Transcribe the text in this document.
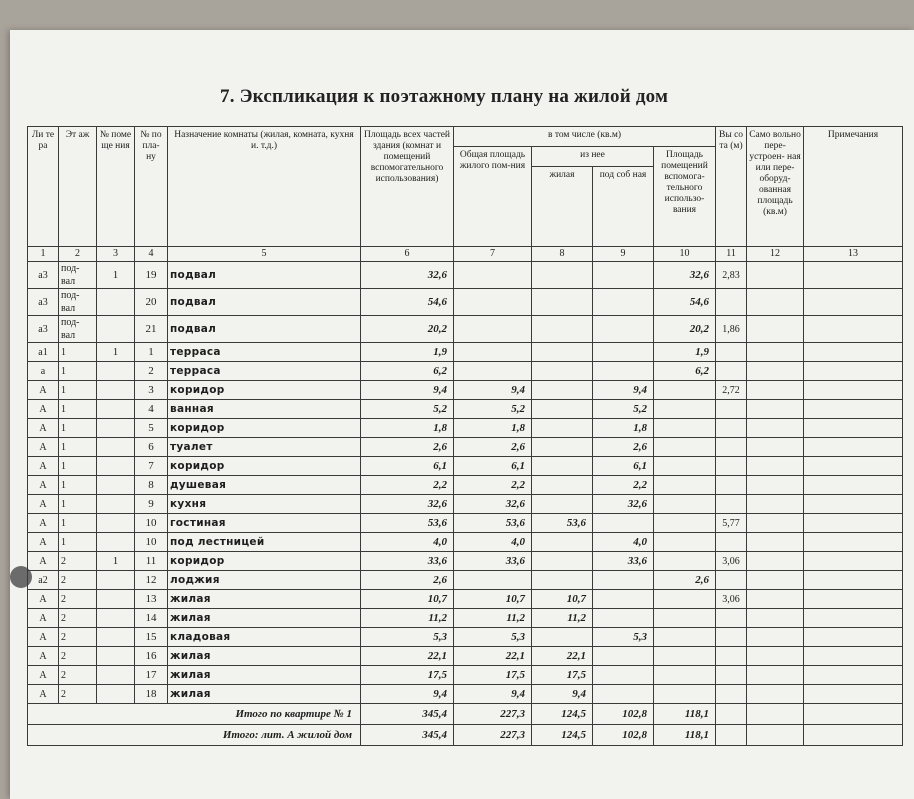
7. Экспликация к поэтажному плану на жилой дом
Ли те ра	Эт аж	№ поме ще ния	№ по пла- ну	Назначение комнаты (жилая, комната, кухня и. т.д.)	Площадь всех частей здания (комнат и помещений вспомогательного использования)	в том числе (кв.м)				Вы со та (м)	Само вольно пере- устроен- ная или пере- оборуд- ованная площадь (кв.м)	Примечания
						Общая площадь жилого пом-ния	из нее		Площадь помещений вспомога- тельного использо- вания			
							жилая	под соб ная				
1	2	3	4	5	6	7	8	9	10	11	12	13
а3	под- вал	1	19	подвал	32,6				32,6	2,83		
а3	под- вал		20	подвал	54,6				54,6			
а3	под- вал		21	подвал	20,2				20,2	1,86		
а1	1	1	1	терраса	1,9				1,9			
а	1		2	терраса	6,2				6,2			
А	1		3	коридор	9,4	9,4		9,4		2,72		
А	1		4	ванная	5,2	5,2		5,2				
А	1		5	коридор	1,8	1,8		1,8				
А	1		6	туалет	2,6	2,6		2,6				
А	1		7	коридор	6,1	6,1		6,1				
А	1		8	душевая	2,2	2,2		2,2				
А	1		9	кухня	32,6	32,6		32,6				
А	1		10	гостиная	53,6	53,6	53,6			5,77		
А	1		10	под лестницей	4,0	4,0		4,0				
А	2	1	11	коридор	33,6	33,6		33,6		3,06		
а2	2		12	лоджия	2,6				2,6			
А	2		13	жилая	10,7	10,7	10,7			3,06		
А	2		14	жилая	11,2	11,2	11,2					
А	2		15	кладовая	5,3	5,3		5,3				
А	2		16	жилая	22,1	22,1	22,1					
А	2		17	жилая	17,5	17,5	17,5					
А	2		18	жилая	9,4	9,4	9,4					
Итого по квартире № 1					345,4	227,3	124,5	102,8	118,1			
Итого: лит. А жилой дом					345,4	227,3	124,5	102,8	118,1			
